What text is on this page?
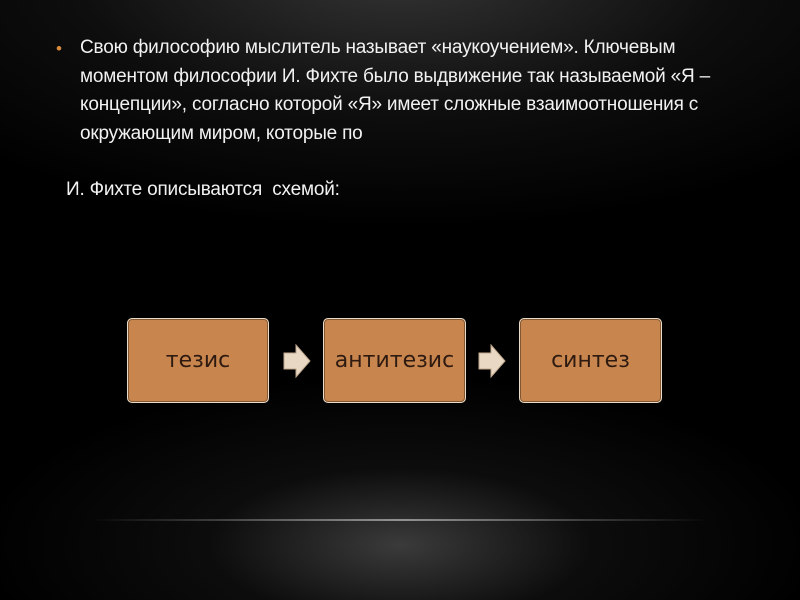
• Свою философию мыслитель называет «наукоучением». Ключевым моментом философии И. Фихте было выдвижение так называемой «Я – концепции», согласно которой «Я» имеет сложные взаимоотношения с окружающим миром, которые по
И. Фихте описываются  схемой:
тезис	антитезис	синтез
